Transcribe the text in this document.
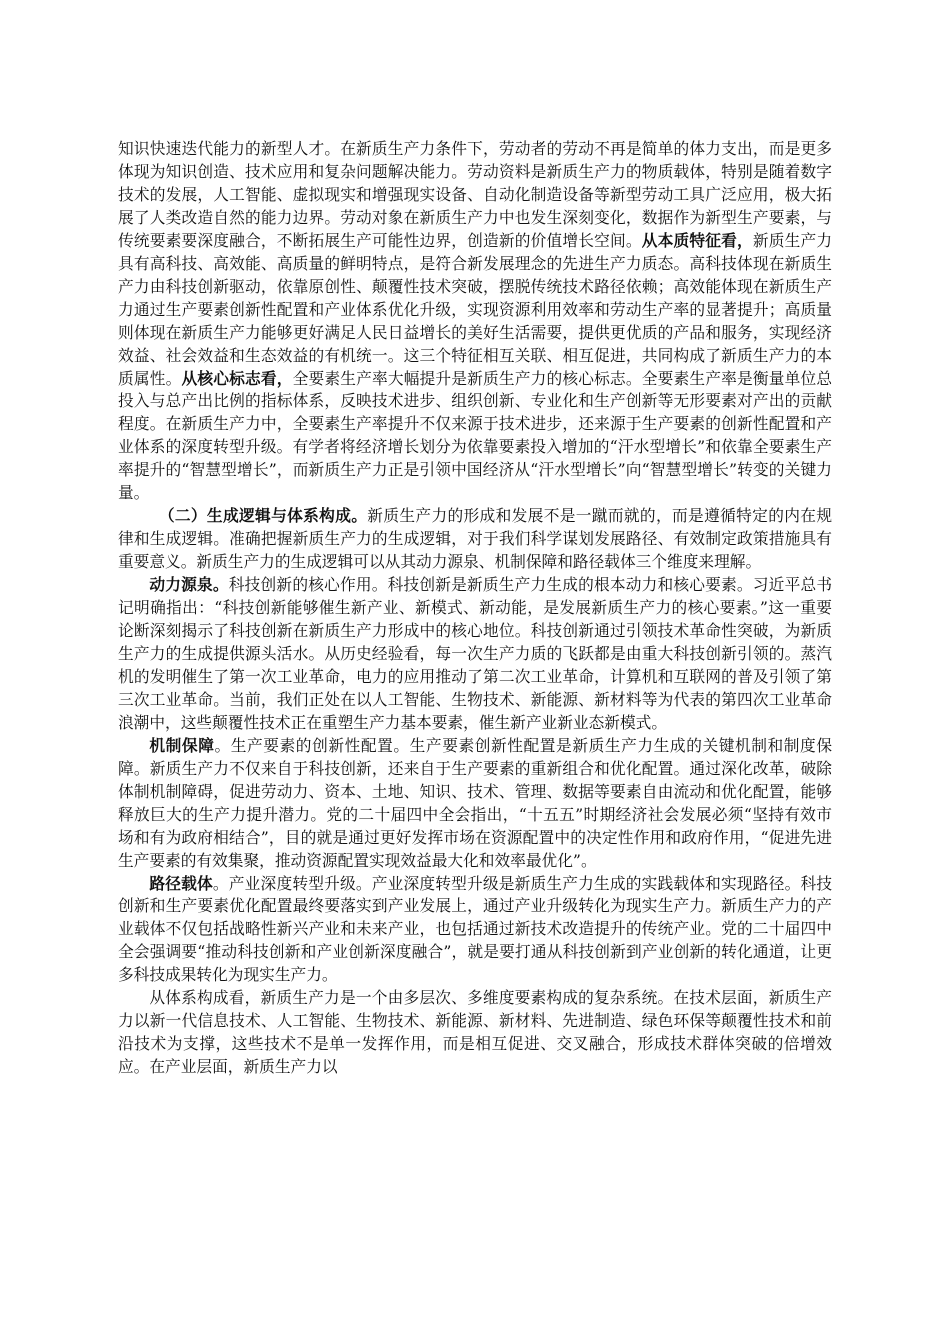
知识快速迭代能力的新型人才。在新质生产力条件下，劳动者的劳动不再是简单的体力支出，而是更多体现为知识创造、技术应用和复杂问题解决能力。劳动资料是新质生产力的物质载体，特别是随着数字技术的发展，人工智能、虚拟现实和增强现实设备、自动化制造设备等新型劳动工具广泛应用，极大拓展了人类改造自然的能力边界。劳动对象在新质生产力中也发生深刻变化，数据作为新型生产要素，与传统要素要深度融合，不断拓展生产可能性边界，创造新的价值增长空间。从本质特征看，新质生产力具有高科技、高效能、高质量的鲜明特点，是符合新发展理念的先进生产力质态。高科技体现在新质生产力由科技创新驱动，依靠原创性、颠覆性技术突破，摆脱传统技术路径依赖；高效能体现在新质生产力通过生产要素创新性配置和产业体系优化升级，实现资源利用效率和劳动生产率的显著提升；高质量则体现在新质生产力能够更好满足人民日益增长的美好生活需要，提供更优质的产品和服务，实现经济效益、社会效益和生态效益的有机统一。这三个特征相互关联、相互促进，共同构成了新质生产力的本质属性。从核心标志看，全要素生产率大幅提升是新质生产力的核心标志。全要素生产率是衡量单位总投入与总产出比例的指标体系，反映技术进步、组织创新、专业化和生产创新等无形要素对产出的贡献程度。在新质生产力中，全要素生产率提升不仅来源于技术进步，还来源于生产要素的创新性配置和产业体系的深度转型升级。有学者将经济增长划分为依靠要素投入增加的“汗水型增长”和依靠全要素生产率提升的“智慧型增长”，而新质生产力正是引领中国经济从“汗水型增长”向“智慧型增长”转变的关键力量。

（二）生成逻辑与体系构成。新质生产力的形成和发展不是一蹴而就的，而是遵循特定的内在规律和生成逻辑。准确把握新质生产力的生成逻辑，对于我们科学谋划发展路径、有效制定政策措施具有重要意义。新质生产力的生成逻辑可以从其动力源泉、机制保障和路径载体三个维度来理解。

动力源泉。科技创新的核心作用。科技创新是新质生产力生成的根本动力和核心要素。习近平总书记明确指出：“科技创新能够催生新产业、新模式、新动能，是发展新质生产力的核心要素。”这一重要论断深刻揭示了科技创新在新质生产力形成中的核心地位。科技创新通过引领技术革命性突破，为新质生产力的生成提供源头活水。从历史经验看，每一次生产力质的飞跃都是由重大科技创新引领的。蒸汽机的发明催生了第一次工业革命，电力的应用推动了第二次工业革命，计算机和互联网的普及引领了第三次工业革命。当前，我们正处在以人工智能、生物技术、新能源、新材料等为代表的第四次工业革命浪潮中，这些颠覆性技术正在重塑生产力基本要素，催生新产业新业态新模式。

机制保障。生产要素的创新性配置。生产要素创新性配置是新质生产力生成的关键机制和制度保障。新质生产力不仅来自于科技创新，还来自于生产要素的重新组合和优化配置。通过深化改革，破除体制机制障碍，促进劳动力、资本、土地、知识、技术、管理、数据等要素自由流动和优化配置，能够释放巨大的生产力提升潜力。党的二十届四中全会指出，“十五五”时期经济社会发展必须“坚持有效市场和有为政府相结合”，目的就是通过更好发挥市场在资源配置中的决定性作用和政府作用，“促进先进生产要素的有效集聚，推动资源配置实现效益最大化和效率最优化”。

路径载体。产业深度转型升级。产业深度转型升级是新质生产力生成的实践载体和实现路径。科技创新和生产要素优化配置最终要落实到产业发展上，通过产业升级转化为现实生产力。新质生产力的产业载体不仅包括战略性新兴产业和未来产业，也包括通过新技术改造提升的传统产业。党的二十届四中全会强调要“推动科技创新和产业创新深度融合”，就是要打通从科技创新到产业创新的转化通道，让更多科技成果转化为现实生产力。

从体系构成看，新质生产力是一个由多层次、多维度要素构成的复杂系统。在技术层面，新质生产力以新一代信息技术、人工智能、生物技术、新能源、新材料、先进制造、绿色环保等颠覆性技术和前沿技术为支撑，这些技术不是单一发挥作用，而是相互促进、交叉融合，形成技术群体突破的倍增效应。在产业层面，新质生产力以
